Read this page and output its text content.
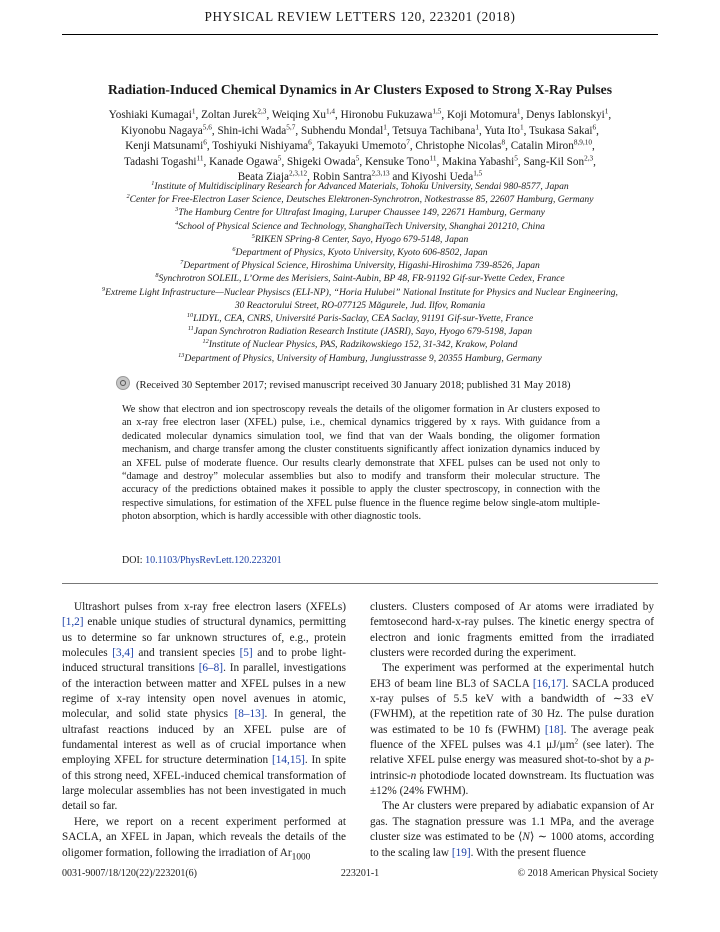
PHYSICAL REVIEW LETTERS 120, 223201 (2018)
Radiation-Induced Chemical Dynamics in Ar Clusters Exposed to Strong X-Ray Pulses
Yoshiaki Kumagai$^1$, Zoltan Jurek$^{2,3}$, Weiqing Xu$^{1,4}$, Hironobu Fukuzawa$^{1,5}$, Koji Motomura$^1$, Denys Iablonskyi$^1$,
Kiyonobu Nagaya$^{5,6}$, Shin-ichi Wada$^{5,7}$, Subhendu Mondal$^1$, Tetsuya Tachibana$^1$, Yuta Ito$^1$, Tsukasa Sakai$^6$,
Kenji Matsunami$^6$, Toshiyuki Nishiyama$^6$, Takayuki Umemoto$^7$, Christophe Nicolas$^8$, Catalin Miron$^{8,9,10}$,
Tadashi Togashi$^{11}$, Kanade Ogawa$^5$, Shigeki Owada$^5$, Kensuke Tono$^{11}$, Makina Yabashi$^5$, Sang-Kil Son$^{2,3}$,
Beata Ziaja$^{2,3,12}$, Robin Santra$^{2,3,13}$ and Kiyoshi Ueda$^{1,5}$
$^1$Institute of Multidisciplinary Research for Advanced Materials, Tohoku University, Sendai 980-8577, Japan
$^2$Center for Free-Electron Laser Science, Deutsches Elektronen-Synchrotron, Notkestrasse 85, 22607 Hamburg, Germany
$^3$The Hamburg Centre for Ultrafast Imaging, Luruper Chaussee 149, 22671 Hamburg, Germany
$^4$School of Physical Science and Technology, ShanghaiTech University, Shanghai 201210, China
$^5$RIKEN SPring-8 Center, Sayo, Hyogo 679-5148, Japan
$^6$Department of Physics, Kyoto University, Kyoto 606-8502, Japan
$^7$Department of Physical Science, Hiroshima University, Higashi-Hiroshima 739-8526, Japan
$^8$Synchrotron SOLEIL, L’Orme des Merisiers, Saint-Aubin, BP 48, FR-91192 Gif-sur-Yvette Cedex, France
$^9$Extreme Light Infrastructure—Nuclear Physiscs (ELI-NP), “Horia Hulubei” National Institute for Physics and Nuclear Engineering,
30 Reactorului Street, RO-077125 Măgurele, Jud. Ilfov, Romania
$^{10}$LIDYL, CEA, CNRS, Université Paris-Saclay, CEA Saclay, 91191 Gif-sur-Yvette, France
$^{11}$Japan Synchrotron Radiation Research Institute (JASRI), Sayo, Hyogo 679-5198, Japan
$^{12}$Institute of Nuclear Physics, PAS, Radzikowskiego 152, 31-342, Krakow, Poland
$^{13}$Department of Physics, University of Hamburg, Jungiusstrasse 9, 20355 Hamburg, Germany
(Received 30 September 2017; revised manuscript received 30 January 2018; published 31 May 2018)
We show that electron and ion spectroscopy reveals the details of the oligomer formation in Ar clusters exposed to an x-ray free electron laser (XFEL) pulse, i.e., chemical dynamics triggered by x rays. With guidance from a dedicated molecular dynamics simulation tool, we find that van der Waals bonding, the oligomer formation mechanism, and charge transfer among the cluster constituents significantly affect ionization dynamics induced by an XFEL pulse of moderate fluence. Our results clearly demonstrate that XFEL pulses can be used not only to “damage and destroy” molecular assemblies but also to modify and transform their molecular structure. The accuracy of the predictions obtained makes it possible to apply the cluster spectroscopy, in connection with the respective simulations, for estimation of the XFEL pulse fluence in the fluence regime below single-atom multiple-photon absorption, which is hardly accessible with other diagnostic tools.
DOI: 10.1103/PhysRevLett.120.223201

Ultrashort pulses from x-ray free electron lasers (XFELs) [1,2] enable unique studies of structural dynamics, permitting us to determine so far unknown structures of, e.g., protein molecules [3,4] and transient species [5] and to probe light-induced structural transitions [6–8]. In parallel, investigations of the interaction between matter and XFEL pulses in a new regime of x-ray intensity open novel avenues in atomic, molecular, and solid state physics [8–13]. In general, the ultrafast reactions induced by an XFEL pulse are of fundamental interest as well as of crucial importance when employing XFEL for structure determination [14,15]. In spite of this strong need, XFEL-induced chemical transformation of large molecular assemblies has not been investigated in much detail so far.

Here, we report on a recent experiment performed at SACLA, an XFEL in Japan, which reveals the details of the oligomer formation, following the irradiation of $Ar_{1000}$

clusters. Clusters composed of Ar atoms were irradiated by femtosecond hard-x-ray pulses. The kinetic energy spectra of electron and ionic fragments emitted from the irradiated clusters were recorded during the experiment.

The experiment was performed at the experimental hutch EH3 of beam line BL3 of SACLA [16,17]. SACLA produced x-ray pulses of 5.5 keV with a bandwidth of ∼33 eV (FWHM), at the repetition rate of 30 Hz. The pulse duration was estimated to be 10 fs (FWHM) [18]. The average peak fluence of the XFEL pulses was 4.1 $\mu J/\mu m^2$ (see later). The relative XFEL pulse energy was measured shot-to-shot by a p-intrinsic-n photodiode located downstream. Its fluctuation was ±12% (24% FWHM).

The Ar clusters were prepared by adiabatic expansion of Ar gas. The stagnation pressure was 1.1 MPa, and the average cluster size was estimated to be ⟨N⟩ ∼ 1000 atoms, according to the scaling law [19]. With the present fluence

0031-9007/18/120(22)/223201(6)	223201-1	© 2018 American Physical Society
